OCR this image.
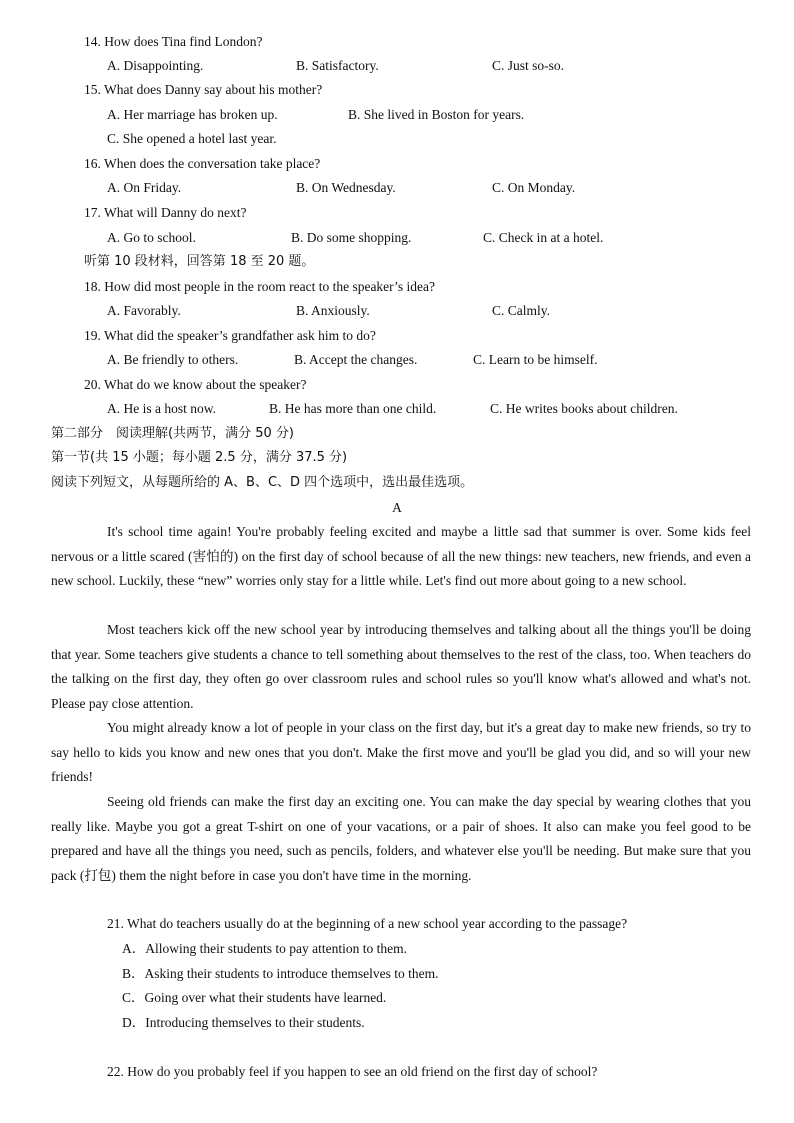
14. How does Tina find London?
A. Disappointing.	B. Satisfactory.	C. Just so-so.
15. What does Danny say about his mother?
A. Her marriage has broken up.	B. She lived in Boston for years.
C. She opened a hotel last year.
16. When does the conversation take place?
A. On Friday.	B. On Wednesday.	C. On Monday.
17. What will Danny do next?
A. Go to school.	B. Do some shopping.	C. Check in at a hotel.
听第 10 段材料，回答第 18 至 20 题。
18. How did most people in the room react to the speaker’s idea?
A. Favorably.	B. Anxiously.	C. Calmly.
19. What did the speaker’s grandfather ask him to do?
A. Be friendly to others.	B. Accept the changes.	C. Learn to be himself.
20. What do we know about the speaker?
A. He is a host now.	B. He has more than one child.	C. He writes books about children.
第二部分　阅读理解(共两节，满分 50 分)
第一节(共 15 小题；每小题 2.5 分，满分 37.5 分)
阅读下列短文，从每题所给的 A、B、C、D 四个选项中，选出最佳选项。
A
It's school time again! You're probably feeling excited and maybe a little sad that summer is over. Some kids feel nervous or a little scared (害怕的) on the first day of school because of all the new things: new teachers, new friends, and even a new school. Luckily, these “new” worries only stay for a little while. Let's find out more about going to a new school.
Most teachers kick off the new school year by introducing themselves and talking about all the things you'll be doing that year. Some teachers give students a chance to tell something about themselves to the rest of the class, too. When teachers do the talking on the first day, they often go over classroom rules and school rules so you'll know what's allowed and what's not. Please pay close attention.
You might already know a lot of people in your class on the first day, but it's a great day to make new friends, so try to say hello to kids you know and new ones that you don't. Make the first move and you'll be glad you did, and so will your new friends!
Seeing old friends can make the first day an exciting one. You can make the day special by wearing clothes that you really like. Maybe you got a great T-shirt on one of your vacations, or a pair of shoes. It also can make you feel good to be prepared and have all the things you need, such as pencils, folders, and whatever else you'll be needing. But make sure that you pack (打包) them the night before in case you don't have time in the morning.
21. What do teachers usually do at the beginning of a new school year according to the passage?
A．Allowing their students to pay attention to them.
B．Asking their students to introduce themselves to them.
C．Going over what their students have learned.
D．Introducing themselves to their students.
22. How do you probably feel if you happen to see an old friend on the first day of school?
